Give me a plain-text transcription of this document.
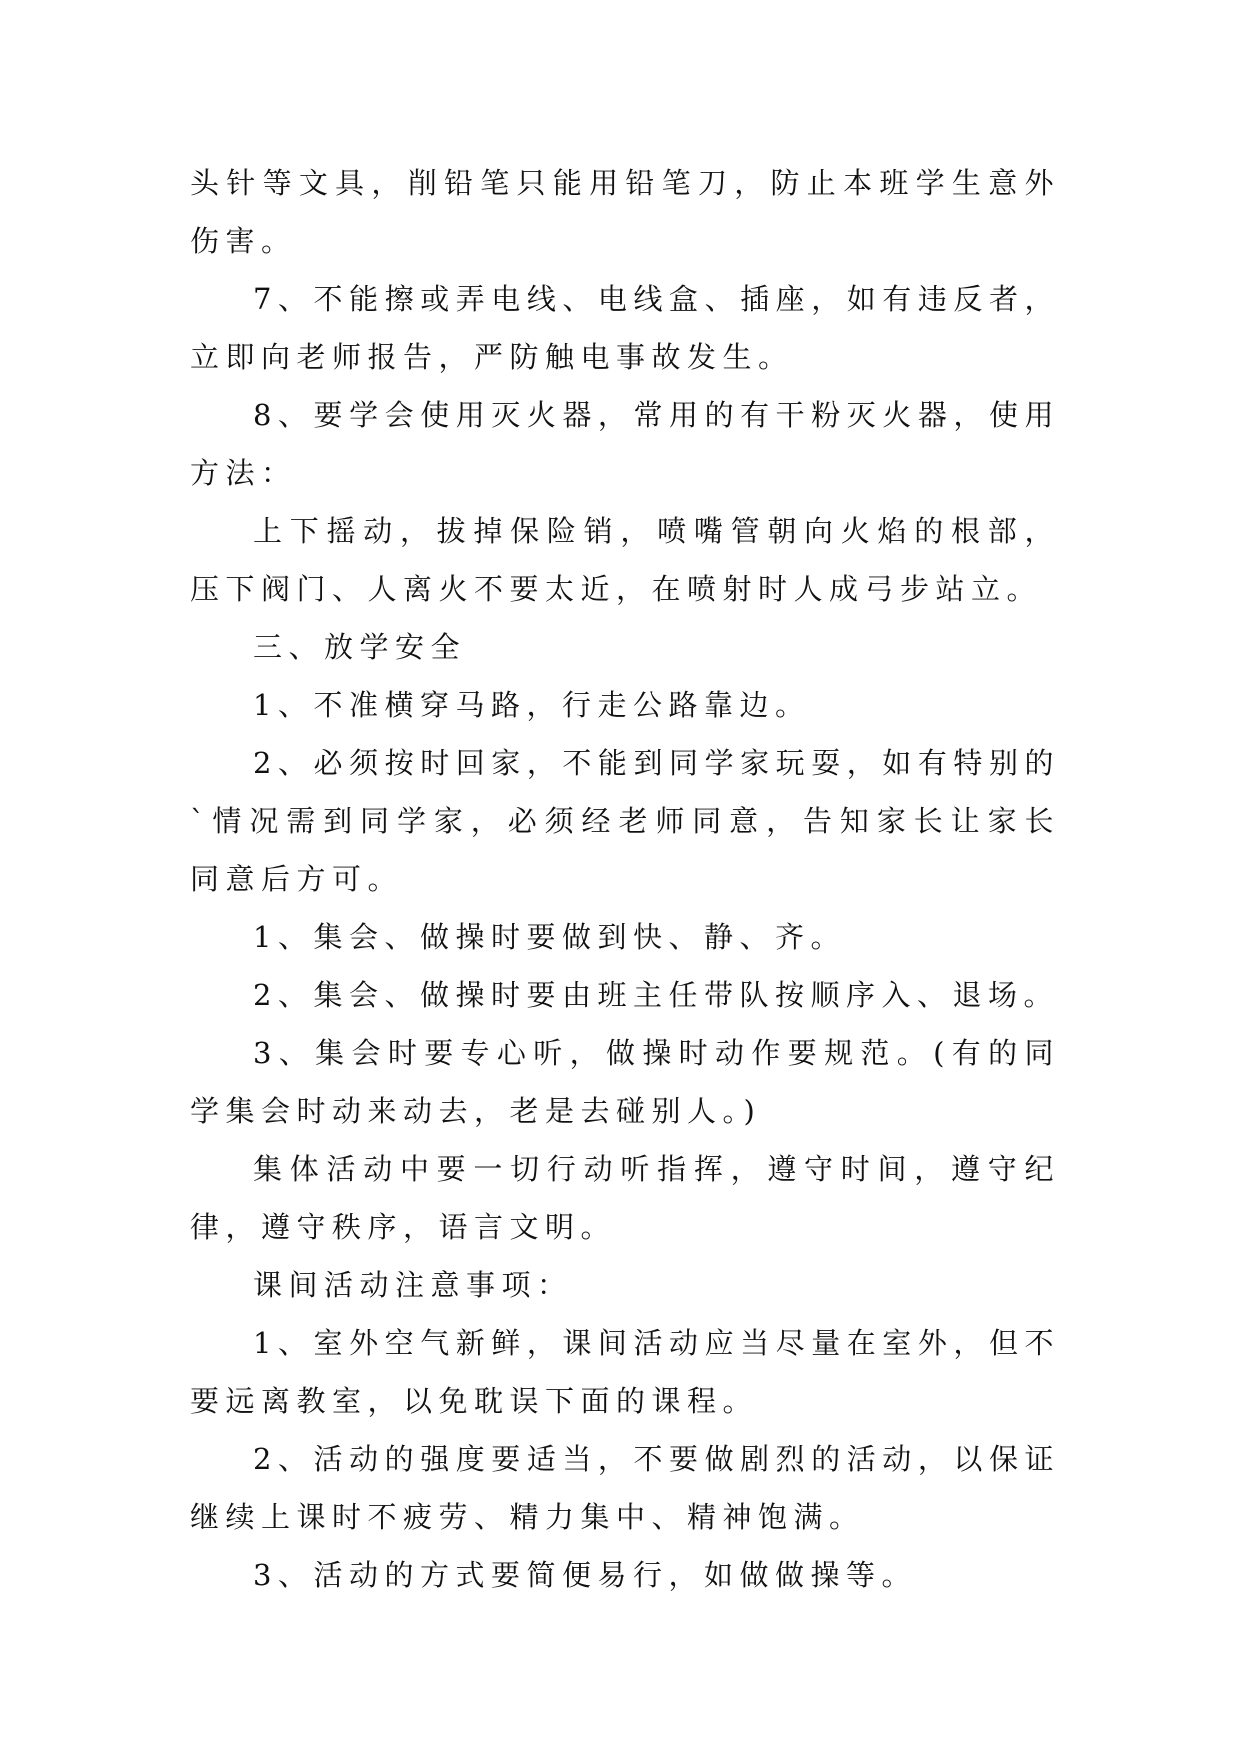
头针等文具，削铅笔只能用铅笔刀，防止本班学生意外伤害。

7、不能擦或弄电线、电线盒、插座，如有违反者，立即向老师报告，严防触电事故发生。

8、要学会使用灭火器，常用的有干粉灭火器，使用方法：

上下摇动，拔掉保险销，喷嘴管朝向火焰的根部，压下阀门、人离火不要太近，在喷射时人成弓步站立。

三、放学安全

1、不准横穿马路，行走公路靠边。

2、必须按时回家，不能到同学家玩耍，如有特别的`情况需到同学家，必须经老师同意，告知家长让家长同意后方可。

1、集会、做操时要做到快、静、齐。

2、集会、做操时要由班主任带队按顺序入、退场。

3、集会时要专心听，做操时动作要规范。(有的同学集会时动来动去，老是去碰别人。)

集体活动中要一切行动听指挥，遵守时间，遵守纪律，遵守秩序，语言文明。

课间活动注意事项：

1、室外空气新鲜，课间活动应当尽量在室外，但不要远离教室，以免耽误下面的课程。

2、活动的强度要适当，不要做剧烈的活动，以保证继续上课时不疲劳、精力集中、精神饱满。

3、活动的方式要简便易行，如做做操等。
